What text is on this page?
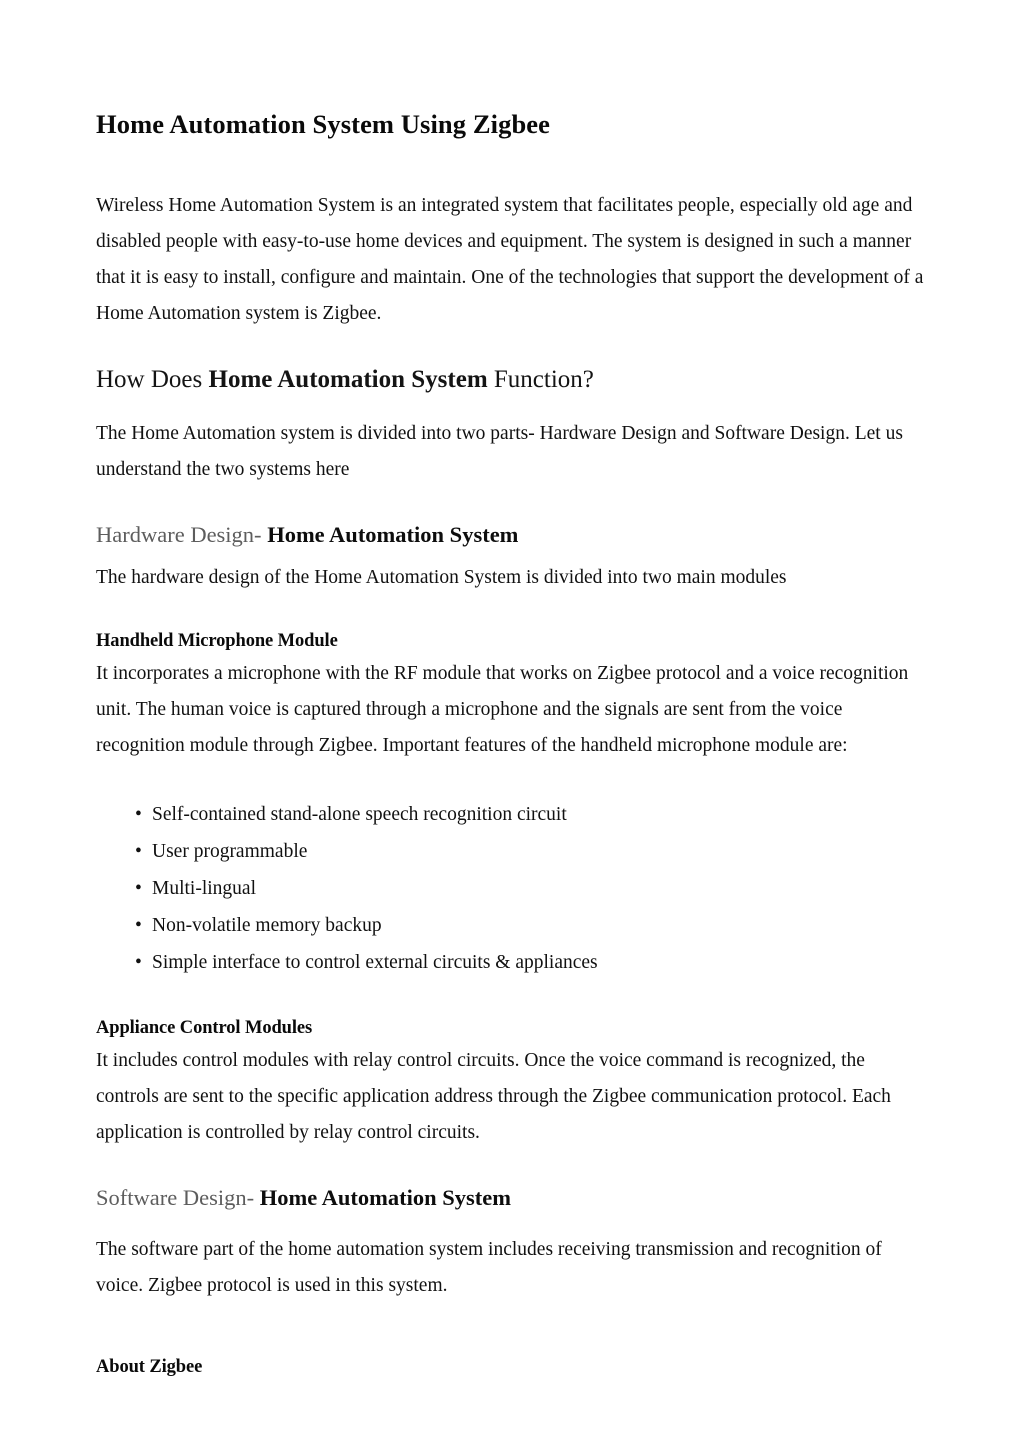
Home Automation System Using Zigbee

Wireless Home Automation System is an integrated system that facilitates people, especially old age and disabled people with easy-to-use home devices and equipment. The system is designed in such a manner that it is easy to install, configure and maintain. One of the technologies that support the development of a Home Automation system is Zigbee.

How Does Home Automation System Function?

The Home Automation system is divided into two parts- Hardware Design and Software Design. Let us understand the two systems here

Hardware Design- Home Automation System

The hardware design of the Home Automation System is divided into two main modules

Handheld Microphone Module

It incorporates a microphone with the RF module that works on Zigbee protocol and a voice recognition unit. The human voice is captured through a microphone and the signals are sent from the voice recognition module through Zigbee. Important features of the handheld microphone module are:

• Self-contained stand-alone speech recognition circuit
• User programmable
• Multi-lingual
• Non-volatile memory backup
• Simple interface to control external circuits & appliances
Appliance Control Modules

It includes control modules with relay control circuits. Once the voice command is recognized, the controls are sent to the specific application address through the Zigbee communication protocol. Each application is controlled by relay control circuits.

Software Design- Home Automation System

The software part of the home automation system includes receiving transmission and recognition of voice. Zigbee protocol is used in this system.

About Zigbee
